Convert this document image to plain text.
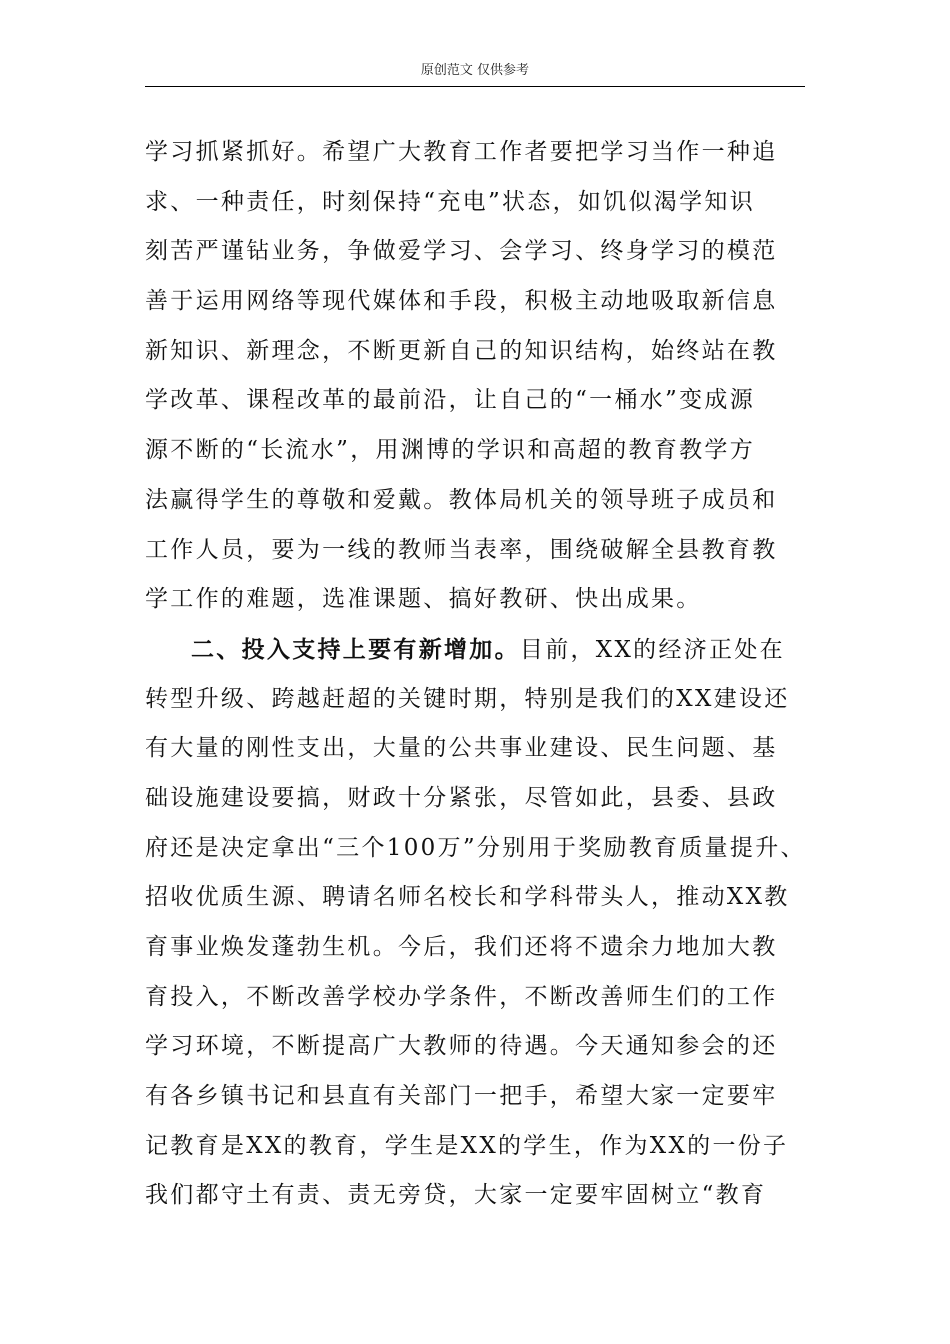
原创范文 仅供参考
学习抓紧抓好。希望广大教育工作者要把学习当作一种追
求、一种责任，时刻保持“充电”状态，如饥似渴学知识
刻苦严谨钻业务，争做爱学习、会学习、终身学习的模范
善于运用网络等现代媒体和手段，积极主动地吸取新信息
新知识、新理念，不断更新自己的知识结构，始终站在教
学改革、课程改革的最前沿，让自己的“一桶水”变成源
源不断的“长流水”，用渊博的学识和高超的教育教学方
法赢得学生的尊敬和爱戴。教体局机关的领导班子成员和
工作人员，要为一线的教师当表率，围绕破解全县教育教
学工作的难题，选准课题、搞好教研、快出成果。
二、投入支持上要有新增加。目前，XX的经济正处在
转型升级、跨越赶超的关键时期，特别是我们的XX建设还
有大量的刚性支出，大量的公共事业建设、民生问题、基
础设施建设要搞，财政十分紧张，尽管如此，县委、县政
府还是决定拿出“三个100万”分别用于奖励教育质量提升、
招收优质生源、聘请名师名校长和学科带头人，推动XX教
育事业焕发蓬勃生机。今后，我们还将不遗余力地加大教
育投入，不断改善学校办学条件，不断改善师生们的工作
学习环境，不断提高广大教师的待遇。今天通知参会的还
有各乡镇书记和县直有关部门一把手，希望大家一定要牢
记教育是XX的教育，学生是XX的学生，作为XX的一份子
我们都守土有责、责无旁贷，大家一定要牢固树立“教育
